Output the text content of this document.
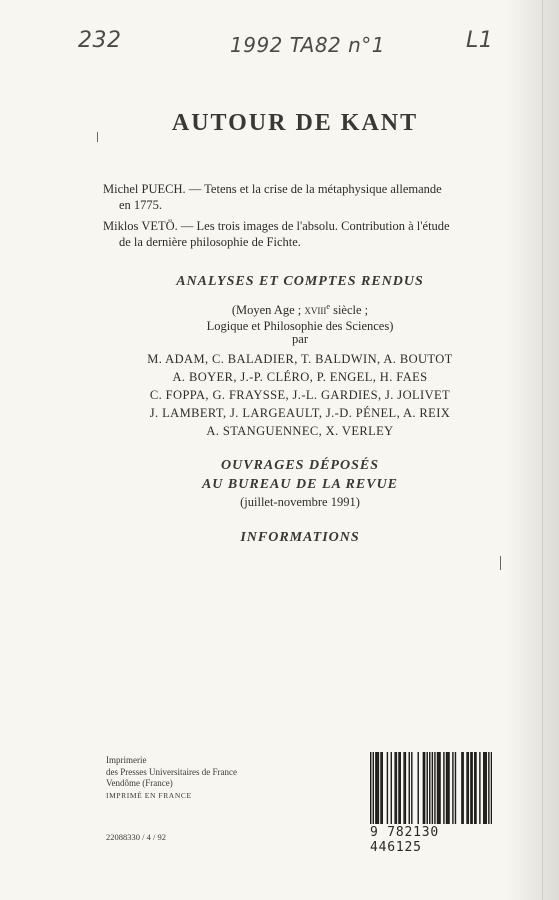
232	1992 TA82 n°1	L1
AUTOUR DE KANT
Michel PUECH. — Tetens et la crise de la métaphysique allemande
en 1775.
Miklos VETÖ. — Les trois images de l'absolu. Contribution à l'étude
de la dernière philosophie de Fichte.
ANALYSES ET COMPTES RENDUS
(Moyen Age ; xviii$^e$ siècle ;
Logique et Philosophie des Sciences)
par
M. ADAM, C. BALADIER, T. BALDWIN, A. BOUTOT
A. BOYER, J.-P. CLÉRO, P. ENGEL, H. FAES
C. FOPPA, G. FRAYSSE, J.-L. GARDIES, J. JOLIVET
J. LAMBERT, J. LARGEAULT, J.-D. PÉNEL, A. REIX
A. STANGUENNEC, X. VERLEY
OUVRAGES DÉPOSÉS
AU BUREAU DE LA REVUE
(juillet-novembre 1991)
INFORMATIONS
Imprimerie
des Presses Universitaires de France
Vendôme (France)
IMPRIMÉ EN FRANCE
22088330 / 4 / 92	9 782130 446125
